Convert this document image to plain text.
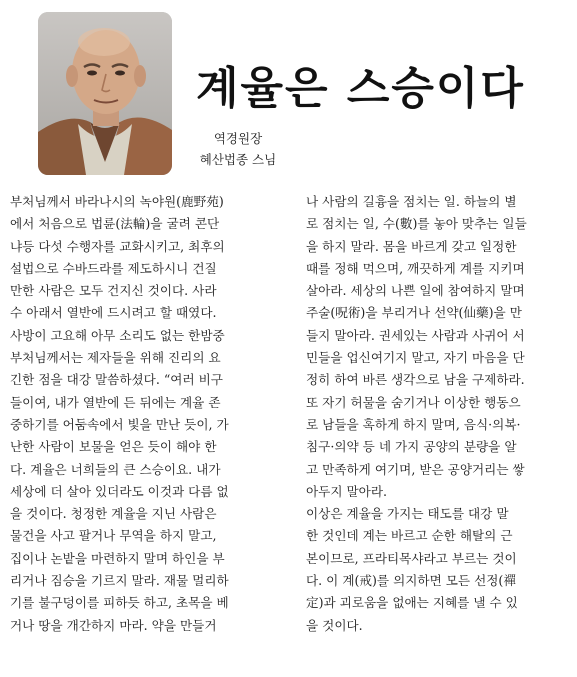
계율은 스승이다
역경원장
혜산법종 스님
부처님께서 바라나시의 녹야원(鹿野苑)
에서 처음으로 법륜(法輪)을 굴려 콘단
냐등 다섯 수행자를 교화시키고, 최후의
설법으로 수바드라를 제도하시니 건질
만한 사람은 모두 건지신 것이다. 사라
수 아래서 열반에 드시려고 할 때였다.
사방이 고요해 아무 소리도 없는 한밤중
부처님께서는 제자들을 위해 진리의 요
긴한 점을 대강 말씀하셨다. “여러 비구
들이여, 내가 열반에 든 뒤에는 계율 존
중하기를 어둠속에서 빛을 만난 듯이, 가
난한 사람이 보물을 얻은 듯이 해야 한
다. 계율은 너희들의 큰 스승이요. 내가
세상에 더 살아 있더라도 이것과 다름 없
을 것이다. 청정한 계율을 지닌 사람은
물건을 사고 팔거나 무역을 하지 말고,
집이나 논밭을 마련하지 말며 하인을 부
리거나 짐승을 기르지 말라. 재물 멀리하
기를 불구덩이를 피하듯 하고, 초목을 베
거나 땅을 개간하지 마라. 약을 만들거
나 사람의 길흉을 점치는 일. 하늘의 별
로 점치는 일, 수(數)를 놓아 맞추는 일들
을 하지 말라. 몸을 바르게 갖고 일정한
때를 정해 먹으며, 깨끗하게 계를 지키며
살아라. 세상의 나쁜 일에 참여하지 말며
주술(呪術)을 부리거나 선약(仙藥)을 만
들지 말아라. 권세있는 사람과 사귀어 서
민들을 업신여기지 말고, 자기 마음을 단
정히 하여 바른 생각으로 남을 구제하라.
또 자기 허물을 숨기거나 이상한 행동으
로 남들을 혹하게 하지 말며, 음식·의복·
침구·의약 등 네 가지 공양의 분량을 알
고 만족하게 여기며, 받은 공양거리는 쌓
아두지 말아라.
이상은 계율을 가지는 태도를 대강 말
한 것인데 계는 바르고 순한 해탈의 근
본이므로, 프라티목샤라고 부르는 것이
다. 이 계(戒)를 의지하면 모든 선정(禪
定)과 괴로움을 없애는 지혜를 낼 수 있
을 것이다.
